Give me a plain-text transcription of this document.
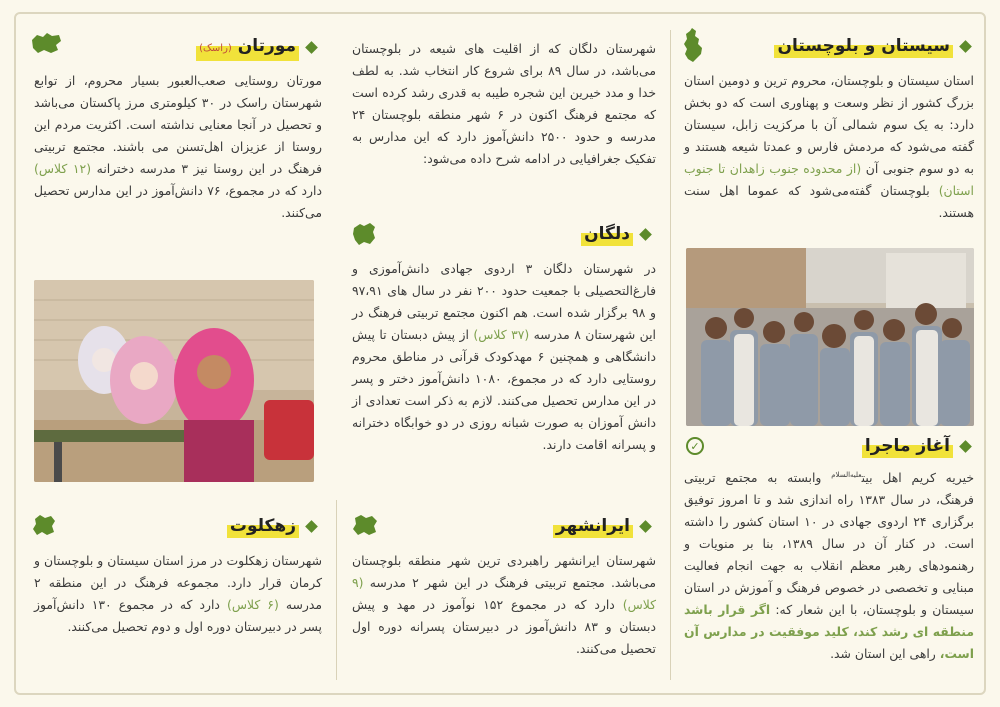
سیستان و بلوچستان
استان سیستان و بلوچستان، محروم ترین و دومین استان بزرگ کشور از نظر وسعت و پهناوری است که دو بخش دارد: به یک سوم شمالی آن با مرکزیت زابل، سیستان گفته می‌شود که مردمش فارس و عمدتا شیعه هستند و به دو سوم جنوبی آن (از محدوده جنوب زاهدان تا جنوب استان) بلوچستان گفته‌می‌شود که عموما اهل سنت هستند.
آغاز ماجرا
✓
خیریه کریم اهل بیت$^{علیه‌السلام}$ وابسته به مجتمع تربیتی فرهنگ، در سال ۱۳۸۳ راه اندازی شد و تا امروز توفیق برگزاری ۲۴ اردوی جهادی در ۱۰ استان کشور را داشته است. در کنار آن در سال ۱۳۸۹، بنا بر منویات و رهنمودهای رهبر معظم انقلاب به جهت انجام فعالیت مبنایی و تخصصی در خصوص فرهنگ و آموزش در استان سیستان و بلوچستان، با این شعار که: اگر قرار باشد منطقه ای رشد کند، کلید موفقیت در مدارس آن است، راهی این استان شد.
شهرستان دلگان که از اقلیت های شیعه در بلوچستان می‌باشد، در سال ۸۹ برای شروع کار انتخاب شد. به لطف خدا و مدد خیرین این شجره طیبه به قدری رشد کرده است که مجتمع فرهنگ اکنون در ۶ شهر منطقه بلوچستان ۲۴ مدرسه و حدود ۲۵۰۰ دانش‌آموز دارد که این مدارس به تفکیک جغرافیایی در ادامه شرح داده می‌شود:
دلگان
در شهرستان دلگان ۳ اردوی جهادی دانش‌آموزی و فارغ‌التحصیلی با جمعیت حدود ۲۰۰ نفر در سال های ۹۷،۹۱ و ۹۸ برگزار شده است. هم اکنون مجتمع تربیتی فرهنگ در این شهرستان ۸ مدرسه (۳۷ کلاس) از پیش دبستان تا پیش دانشگاهی و همچنین ۶ مهدکودک قرآنی در مناطق محروم روستایی دارد که در مجموع، ۱۰۸۰ دانش‌آموز دختر و پسر در این مدارس تحصیل می‌کنند. لازم به ذکر است تعدادی از دانش آموزان به صورت شبانه روزی در دو خوابگاه دخترانه و پسرانه اقامت دارند.
ایرانشهر
شهرستان ایرانشهر راهبردی ترین شهر منطقه بلوچستان می‌باشد. مجتمع تربیتی فرهنگ در این شهر ۲ مدرسه (۹ کلاس) دارد که در مجموع ۱۵۲ نوآموز در مهد و پیش دبستان و ۸۳ دانش‌آموز در دبیرستان پسرانه دوره اول تحصیل می‌کنند.
مورتان (راسک)
مورتان روستایی صعب‌العبور بسیار محروم، از توابع شهرستان راسک در ۳۰ کیلومتری مرز پاکستان می‌باشد و تحصیل در آنجا معنایی نداشته است. اکثریت مردم این روستا از عزیزان اهل‌تسنن می باشند. مجتمع تربیتی فرهنگ در این روستا نیز ۳ مدرسه دخترانه (۱۲ کلاس) دارد که در مجموع، ۷۶ دانش‌آموز در این مدارس تحصیل می‌کنند.
زهکلوت
شهرستان زهکلوت در مرز استان سیستان و بلوچستان و کرمان قرار دارد. مجموعه فرهنگ در این منطقه ۲ مدرسه (۶ کلاس) دارد که در مجموع ۱۳۰ دانش‌آموز پسر در دبیرستان دوره اول و دوم تحصیل می‌کنند.
